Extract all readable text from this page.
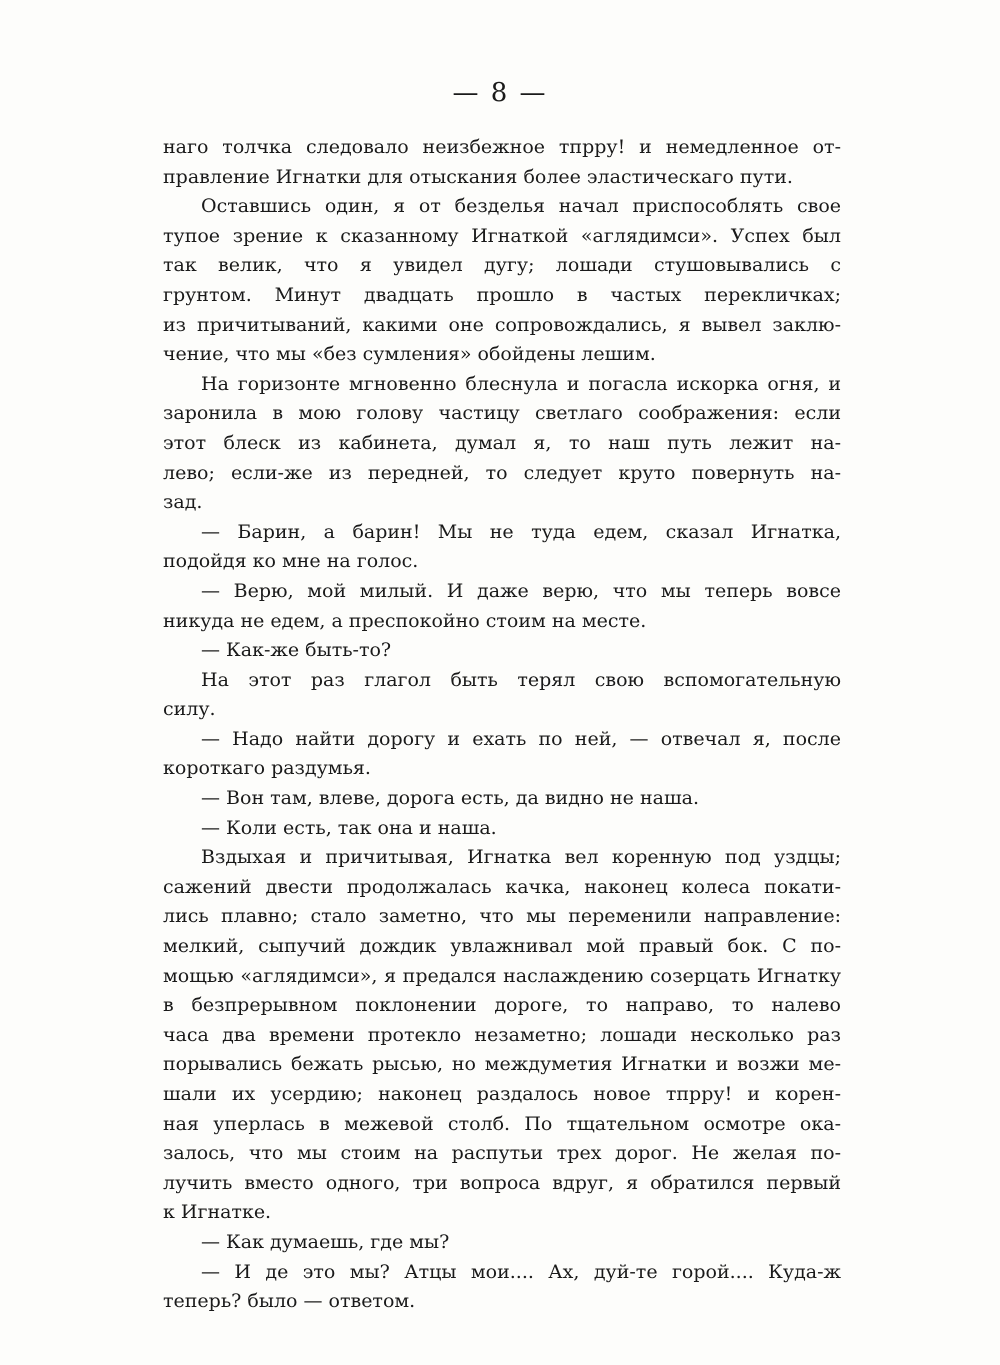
— 8 —
наго толчка следовало неизбежное тпрру! и немедленное от-
правление Игнатки для отыскания более эластическаго пути.
Оставшись один, я от безделья начал приспособлять свое
тупое зрение к сказанному Игнаткой «аглядимси». Успех был
так велик, что я увидел дугу; лошади стушовывались с
грунтом. Минут двадцать прошло в частых перекличках;
из причитываний, какими оне сопровождались, я вывел заклю-
чение, что мы «без сумления» обойдены лешим.
На горизонте мгновенно блеснула и погасла искорка огня, и
заронила в мою голову частицу светлаго соображения: если
этот блеск из кабинета, думал я, то наш путь лежит на-
лево; если-же из передней, то следует круто повернуть на-
зад.
— Барин, а барин! Мы не туда едем, сказал Игнатка,
подойдя ко мне на голос.
— Верю, мой милый. И даже верю, что мы теперь вовсе
никуда не едем, а преспокойно стоим на месте.
— Как-же быть-то?
На этот раз глагол быть терял свою вспомогательную
силу.
— Надо найти дорогу и ехать по ней, — отвечал я, после
короткаго раздумья.
— Вон там, влеве, дорога есть, да видно не наша.
— Коли есть, так она и наша.
Вздыхая и причитывая, Игнатка вел коренную под уздцы;
сажений двести продолжалась качка, наконец колеса покати-
лись плавно; стало заметно, что мы переменили направление:
мелкий, сыпучий дождик увлажнивал мой правый бок. С по-
мощью «аглядимси», я предался наслаждению созерцать Игнатку
в безпрерывном поклонении дороге, то направо, то налево
часа два времени протекло незаметно; лошади несколько раз
порывались бежать рысью, но междуметия Игнатки и возжи ме-
шали их усердию; наконец раздалось новое тпрру! и корен-
ная уперлась в межевой столб. По тщательном осмотре ока-
залось, что мы стоим на распутьи трех дорог. Не желая по-
лучить вместо одного, три вопроса вдруг, я обратился первый
к Игнатке.
— Как думаешь, где мы?
— И де это мы? Атцы мои.... Ах, дуй-те горой.... Куда-ж
теперь? было — ответом.
